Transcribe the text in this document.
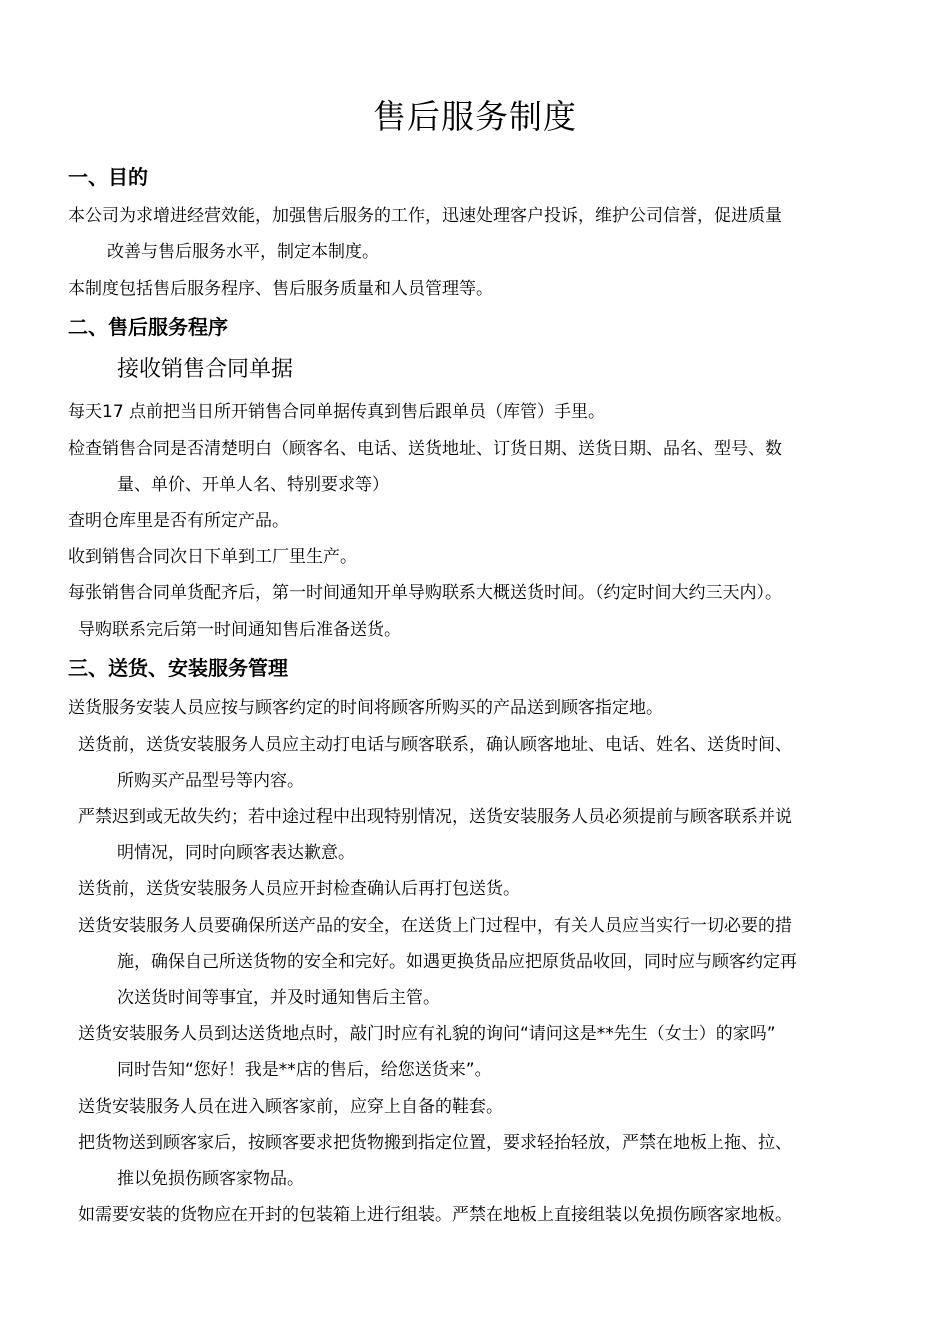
售后服务制度
一、目的
本公司为求增进经营效能，加强售后服务的工作，迅速处理客户投诉，维护公司信誉，促进质量
改善与售后服务水平，制定本制度。
本制度包括售后服务程序、售后服务质量和人员管理等。
二、售后服务程序
接收销售合同单据
每天17 点前把当日所开销售合同单据传真到售后跟单员（库管）手里。
检查销售合同是否清楚明白（顾客名、电话、送货地址、订货日期、送货日期、品名、型号、数
量、单价、开单人名、特别要求等）
查明仓库里是否有所定产品。
收到销售合同次日下单到工厂里生产。
每张销售合同单货配齐后，第一时间通知开单导购联系大概送货时间。（约定时间大约三天内）。
导购联系完后第一时间通知售后准备送货。
三、送货、安装服务管理
送货服务安装人员应按与顾客约定的时间将顾客所购买的产品送到顾客指定地。
送货前，送货安装服务人员应主动打电话与顾客联系，确认顾客地址、电话、姓名、送货时间、
所购买产品型号等内容。
严禁迟到或无故失约；若中途过程中出现特别情况，送货安装服务人员必须提前与顾客联系并说
明情况，同时向顾客表达歉意。
送货前，送货安装服务人员应开封检查确认后再打包送货。
送货安装服务人员要确保所送产品的安全，在送货上门过程中，有关人员应当实行一切必要的措
施，确保自己所送货物的安全和完好。如遇更换货品应把原货品收回，同时应与顾客约定再
次送货时间等事宜，并及时通知售后主管。
送货安装服务人员到达送货地点时，敲门时应有礼貌的询问“请问这是**先生（女士）的家吗”
同时告知“您好！我是**店的售后，给您送货来”。
送货安装服务人员在进入顾客家前，应穿上自备的鞋套。
把货物送到顾客家后，按顾客要求把货物搬到指定位置，要求轻抬轻放，严禁在地板上拖、拉、
推以免损伤顾客家物品。
如需要安装的货物应在开封的包装箱上进行组装。严禁在地板上直接组装以免损伤顾客家地板。
